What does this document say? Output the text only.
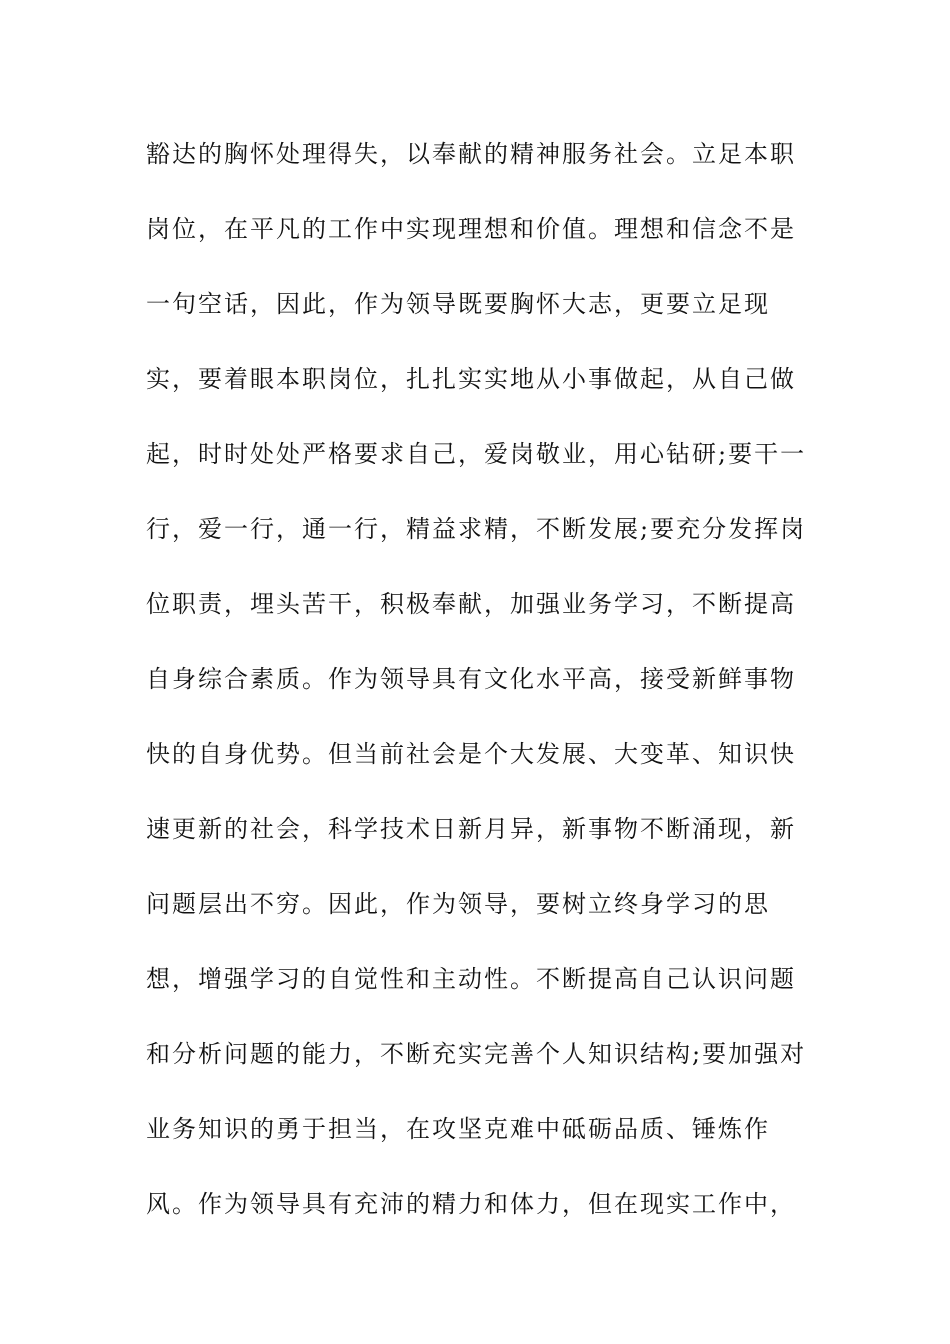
豁达的胸怀处理得失，以奉献的精神服务社会。立足本职
岗位，在平凡的工作中实现理想和价值。理想和信念不是
一句空话，因此，作为领导既要胸怀大志，更要立足现
实，要着眼本职岗位，扎扎实实地从小事做起，从自己做
起，时时处处严格要求自己，爱岗敬业，用心钻研;要干一
行，爱一行，通一行，精益求精，不断发展;要充分发挥岗
位职责，埋头苦干，积极奉献，加强业务学习，不断提高
自身综合素质。作为领导具有文化水平高，接受新鲜事物
快的自身优势。但当前社会是个大发展、大变革、知识快
速更新的社会，科学技术日新月异，新事物不断涌现，新
问题层出不穷。因此，作为领导，要树立终身学习的思
想，增强学习的自觉性和主动性。不断提高自己认识问题
和分析问题的能力，不断充实完善个人知识结构;要加强对
业务知识的勇于担当，在攻坚克难中砥砺品质、锤炼作
风。作为领导具有充沛的精力和体力，但在现实工作中，
